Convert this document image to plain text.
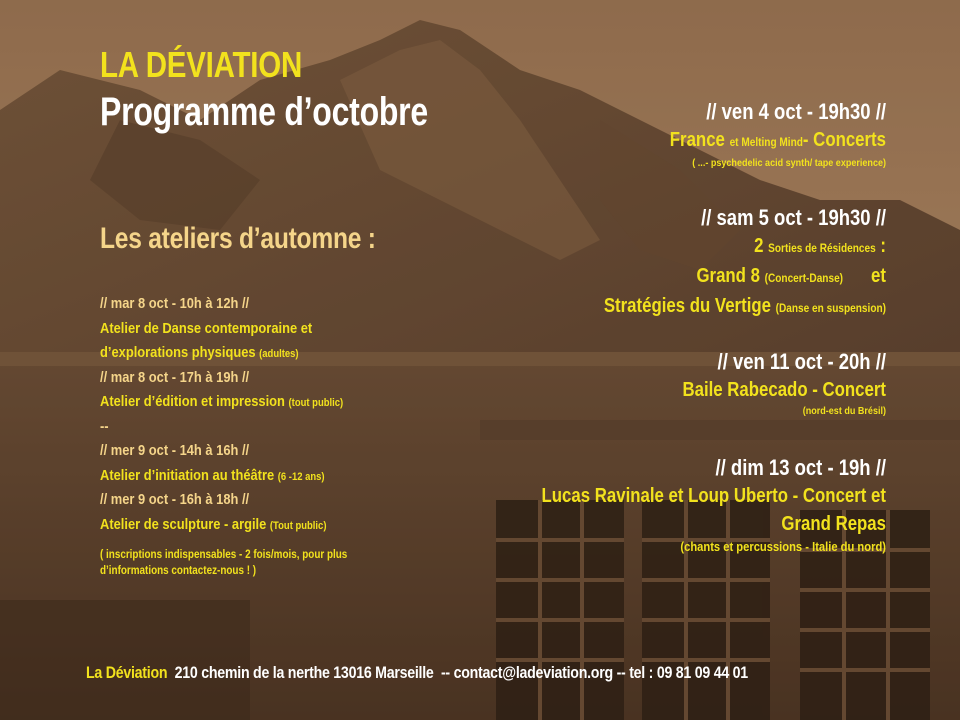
LA DÉVIATION
Programme d’octobre
Les ateliers d’automne :
// mar 8 oct - 10h à 12h //
Atelier de Danse contemporaine et
d’explorations physiques (adultes)
// mar 8 oct - 17h à 19h //
Atelier d’édition et impression (tout public)
--
// mer 9 oct - 14h à 16h //
Atelier d’initiation au théâtre (6 -12 ans)
// mer 9 oct - 16h à 18h //
Atelier de sculpture - argile (Tout public)
( inscriptions indispensables - 2 fois/mois, pour plus
d’informations contactez-nous ! )
// ven 4 oct - 19h30 //
France et Melting Mind- Concerts
( ...- psychedelic acid synth/ tape experience)
// sam 5 oct - 19h30 //
2 Sorties de Résidences :
Grand 8 (Concert-Danse) et
Stratégies du Vertige (Danse en suspension)
// ven 11 oct - 20h //
Baile Rabecado - Concert
(nord-est du Brésil)
// dim 13 oct - 19h //
Lucas Ravinale et Loup Uberto - Concert et
Grand Repas
(chants et percussions - Italie du nord)
La Déviation 210 chemin de la nerthe 13016 Marseille -- contact@ladeviation.org -- tel : 09 81 09 44 01
